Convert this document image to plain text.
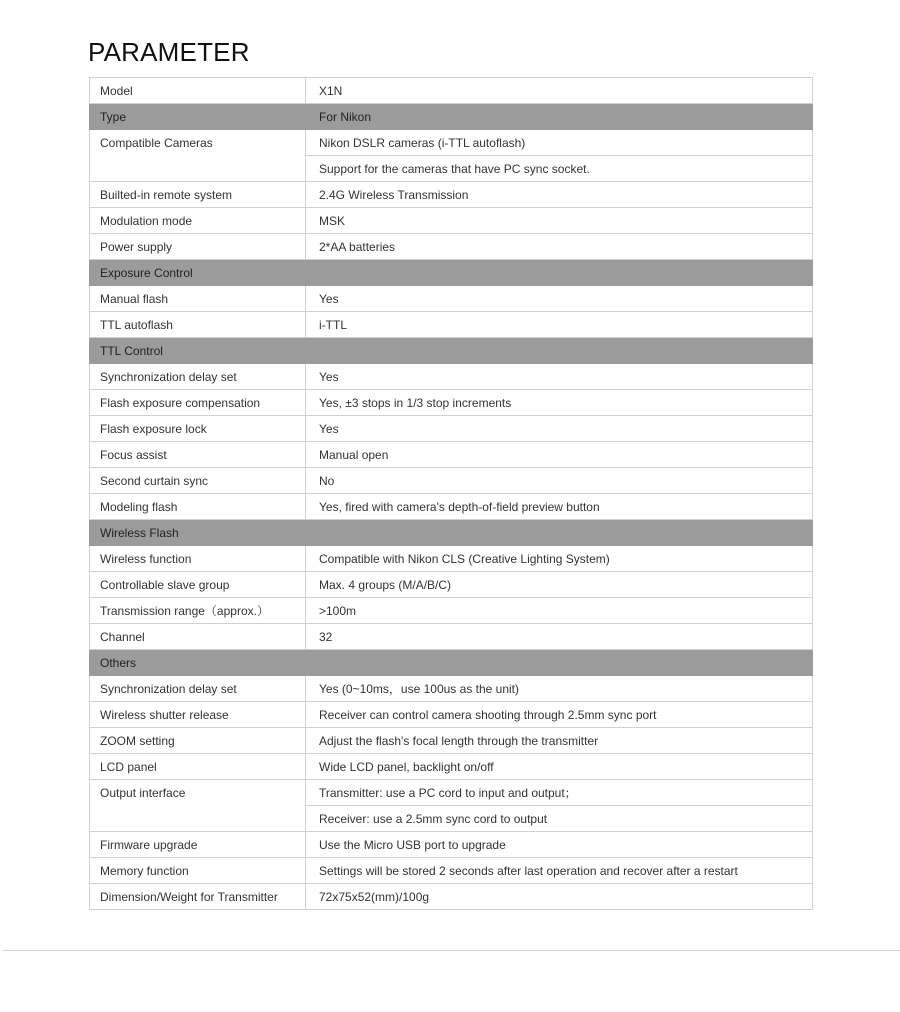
PARAMETER
Model	X1N
Type	For Nikon
Compatible Cameras	Nikon DSLR cameras (i-TTL autoflash)
	Support for the cameras that have PC sync socket.
Builted-in remote system	2.4G Wireless Transmission
Modulation mode	MSK
Power supply	2*AA batteries
Exposure Control	
Manual flash	Yes
TTL autoflash	i-TTL
TTL Control	
Synchronization delay set	Yes
Flash exposure compensation	Yes, ±3 stops in 1/3 stop increments
Flash exposure lock	Yes
Focus assist	Manual open
Second curtain sync	No
Modeling flash	Yes, fired with camera's depth-of-field preview button
Wireless Flash	
Wireless function	Compatible with Nikon CLS (Creative Lighting System)
Controllable slave group	Max. 4 groups (M/A/B/C)
Transmission range（approx.）	>100m
Channel	32
Others	
Synchronization delay set	Yes (0~10ms，use 100us as the unit)
Wireless shutter release	Receiver can control camera shooting through 2.5mm sync port
ZOOM setting	Adjust the flash's focal length through the transmitter
LCD panel	Wide LCD panel, backlight on/off
Output interface	Transmitter: use a PC cord to input and output；
	Receiver: use a 2.5mm sync cord to output
Firmware upgrade	Use the Micro USB port to upgrade
Memory function	Settings will be stored 2 seconds after last operation and recover after a restart
Dimension/Weight for Transmitter	72x75x52(mm)/100g
